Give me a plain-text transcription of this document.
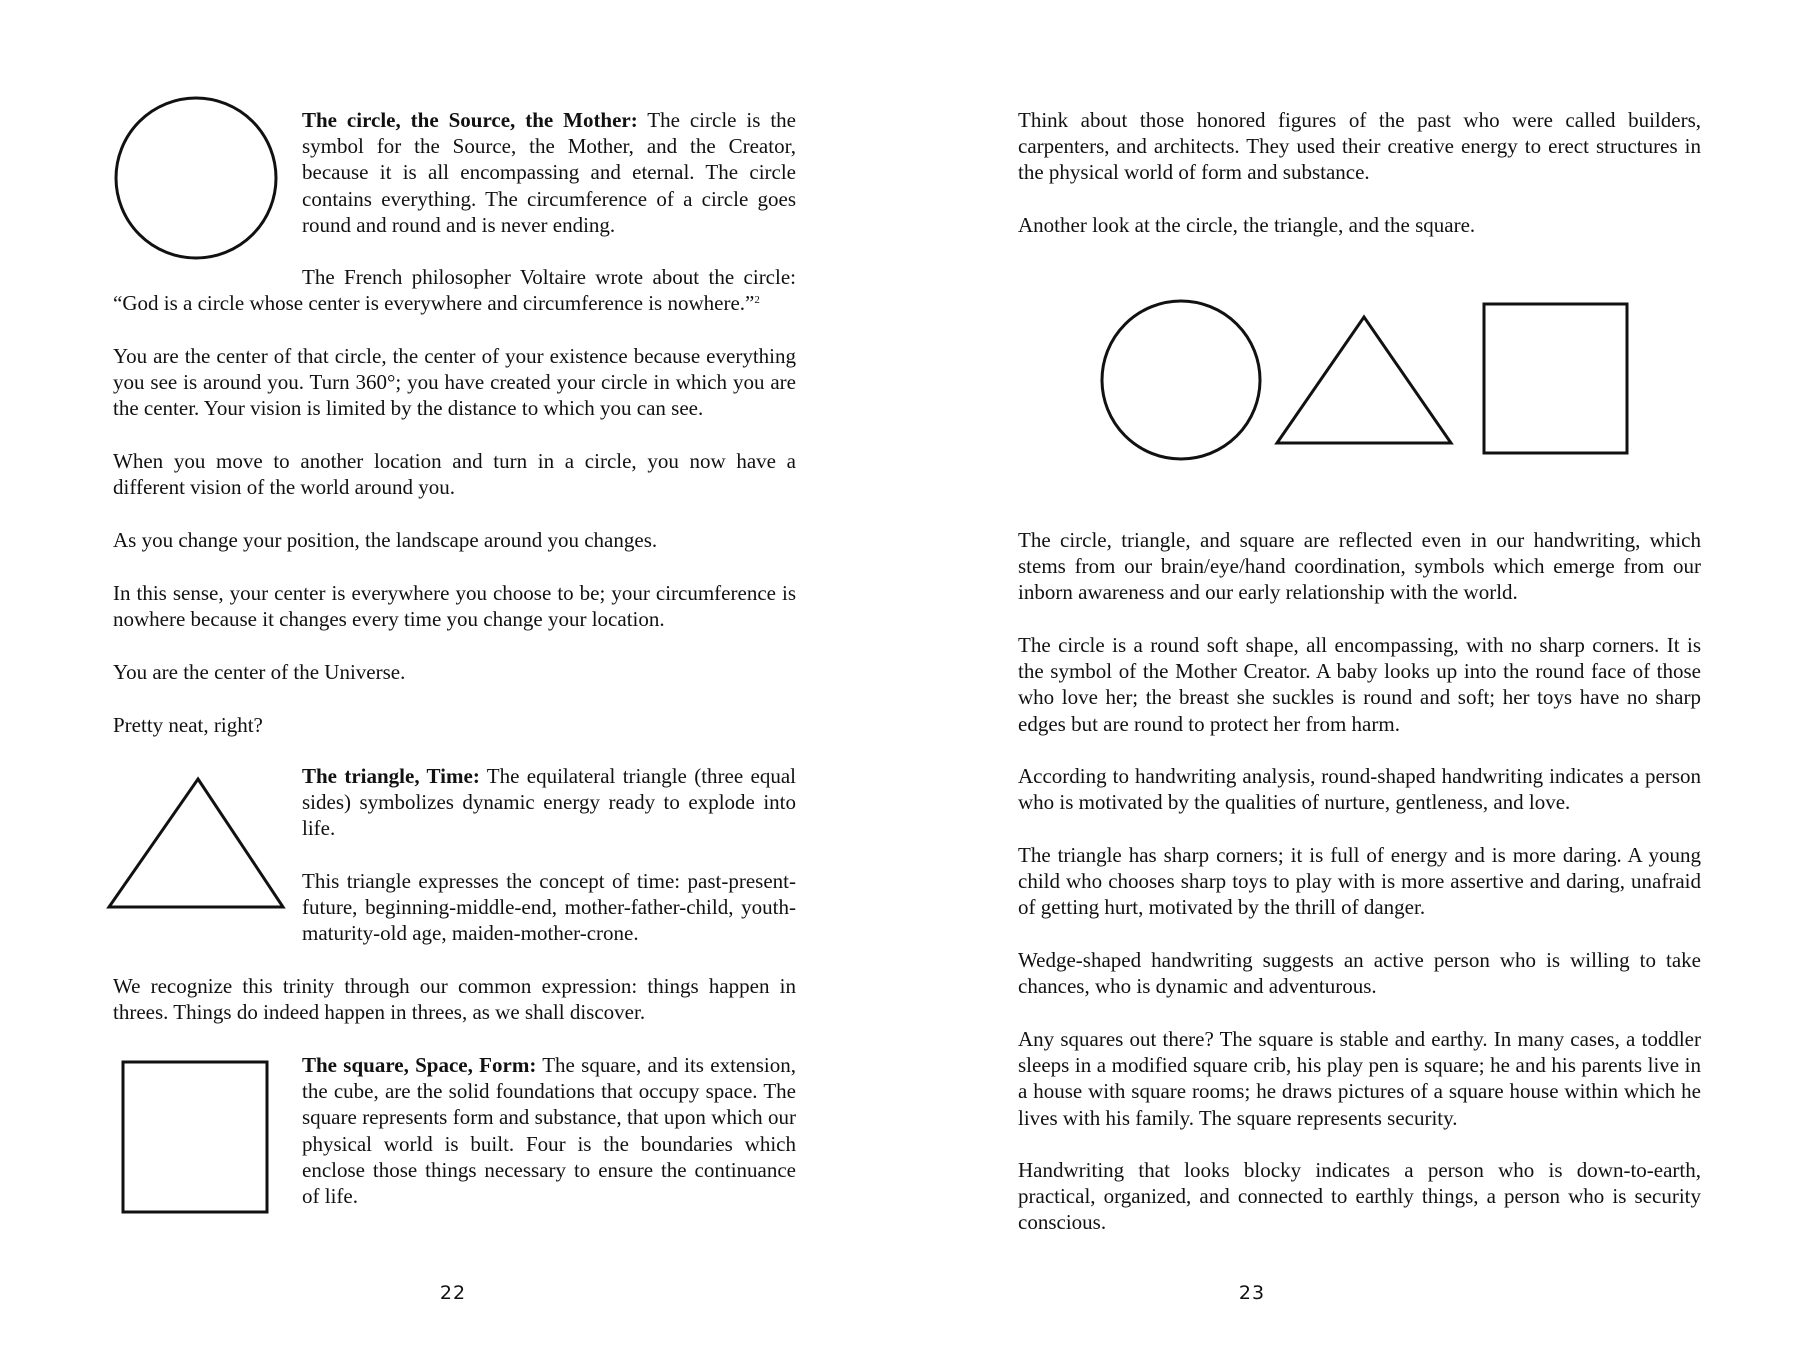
The circle, the Source, the Mother: The circle is the symbol for the Source, the Mother, and the Creator, because it is all encompassing and eternal. The circle contains everything. The circumference of a circle goes round and round and is never ending.

The French philosopher Voltaire wrote about the circle: “God is a circle whose center is everywhere and circumference is nowhere.”$^2$

You are the center of that circle, the center of your existence because everything you see is around you. Turn 360°; you have created your circle in which you are the center. Your vision is limited by the distance to which you can see.

When you move to another location and turn in a circle, you now have a different vision of the world around you.

As you change your position, the landscape around you changes.

In this sense, your center is everywhere you choose to be; your circumference is nowhere because it changes every time you change your location.

You are the center of the Universe.

Pretty neat, right?

The triangle, Time: The equilateral triangle (three equal sides) symbolizes dynamic energy ready to explode into life.

This triangle expresses the concept of time: past-present-future, beginning-middle-end, mother-father-child, youth-maturity-old age, maiden-mother-crone.

We recognize this trinity through our common expression: things happen in threes. Things do indeed happen in threes, as we shall discover.

The square, Space, Form: The square, and its extension, the cube, are the solid foundations that occupy space. The square represents form and substance, that upon which our physical world is built. Four is the boundaries which enclose those things necessary to ensure the continuance of life.

22

Think about those honored figures of the past who were called builders, carpenters, and architects. They used their creative energy to erect structures in the physical world of form and substance.

Another look at the circle, the triangle, and the square.

The circle, triangle, and square are reflected even in our handwriting, which stems from our brain/eye/hand coordination, symbols which emerge from our inborn awareness and our early relationship with the world.

The circle is a round soft shape, all encompassing, with no sharp corners. It is the symbol of the Mother Creator. A baby looks up into the round face of those who love her; the breast she suckles is round and soft; her toys have no sharp edges but are round to protect her from harm.

According to handwriting analysis, round-shaped handwriting indicates a person who is motivated by the qualities of nurture, gentleness, and love.

The triangle has sharp corners; it is full of energy and is more daring. A young child who chooses sharp toys to play with is more assertive and daring, unafraid of getting hurt, motivated by the thrill of danger.

Wedge-shaped handwriting suggests an active person who is willing to take chances, who is dynamic and adventurous.

Any squares out there? The square is stable and earthy. In many cases, a toddler sleeps in a modified square crib, his play pen is square; he and his parents live in a house with square rooms; he draws pictures of a square house within which he lives with his family. The square represents security.

Handwriting that looks blocky indicates a person who is down-to-earth, practical, organized, and connected to earthly things, a person who is security conscious.

23
